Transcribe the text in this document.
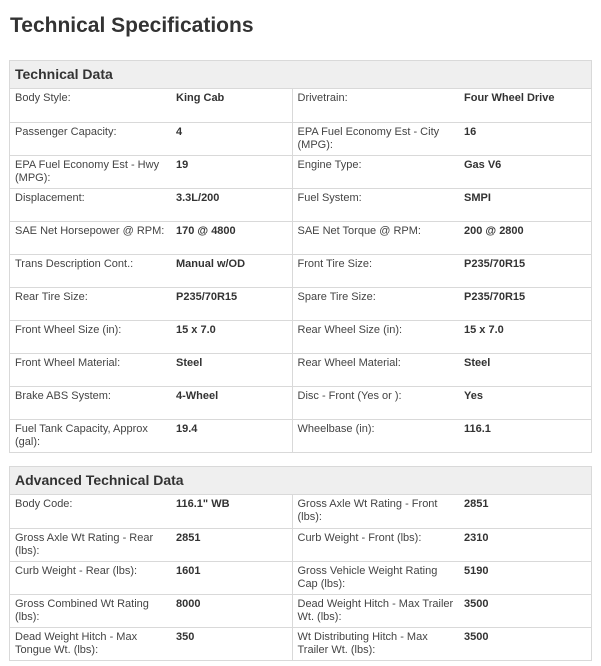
Technical Specifications
Technical Data
Body Style:	King Cab	Drivetrain:	Four Wheel Drive
Passenger Capacity:	4	EPA Fuel Economy Est - City (MPG):	16
EPA Fuel Economy Est - Hwy (MPG):	19	Engine Type:	Gas V6
Displacement:	3.3L/200	Fuel System:	SMPI
SAE Net Horsepower @ RPM:	170 @ 4800	SAE Net Torque @ RPM:	200 @ 2800
Trans Description Cont.:	Manual w/OD	Front Tire Size:	P235/70R15
Rear Tire Size:	P235/70R15	Spare Tire Size:	P235/70R15
Front Wheel Size (in):	15 x 7.0	Rear Wheel Size (in):	15 x 7.0
Front Wheel Material:	Steel	Rear Wheel Material:	Steel
Brake ABS System:	4-Wheel	Disc - Front (Yes or ):	Yes
Fuel Tank Capacity, Approx (gal):	19.4	Wheelbase (in):	116.1
Advanced Technical Data
Body Code:	116.1" WB	Gross Axle Wt Rating - Front (lbs):	2851
Gross Axle Wt Rating - Rear (lbs):	2851	Curb Weight - Front (lbs):	2310
Curb Weight - Rear (lbs):	1601	Gross Vehicle Weight Rating Cap (lbs):	5190
Gross Combined Wt Rating (lbs):	8000	Dead Weight Hitch - Max Trailer Wt. (lbs):	3500
Dead Weight Hitch - Max Tongue Wt. (lbs):	350	Wt Distributing Hitch - Max Trailer Wt. (lbs):	3500
